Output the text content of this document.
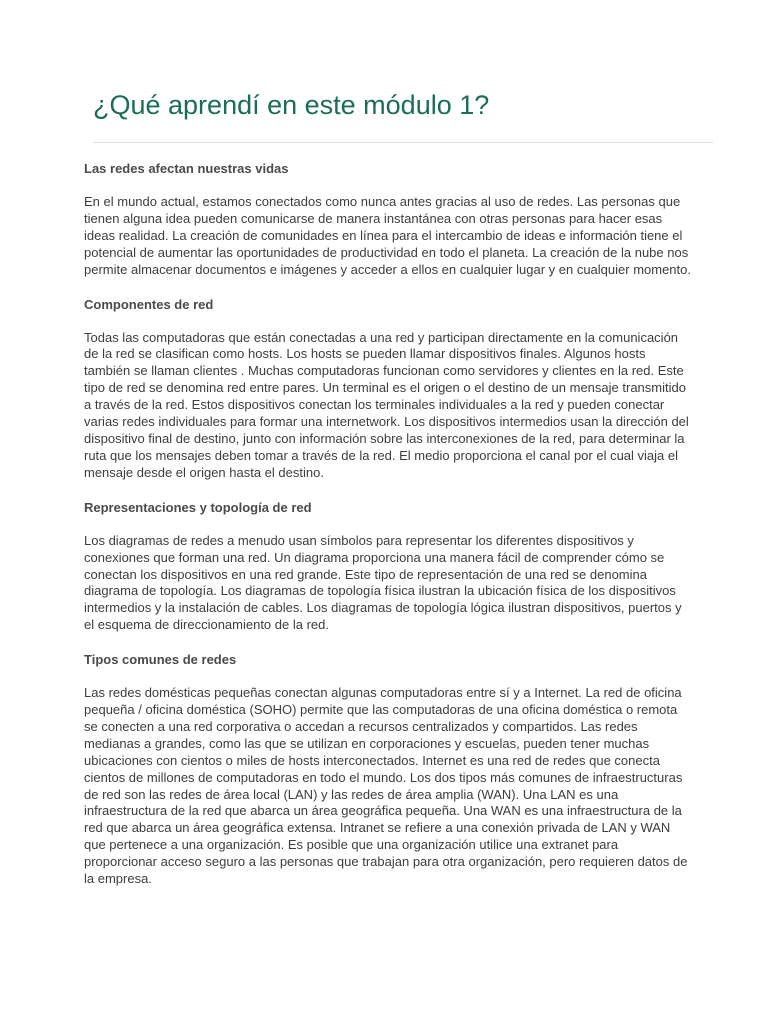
¿Qué aprendí en este módulo 1?
Las redes afectan nuestras vidas

En el mundo actual, estamos conectados como nunca antes gracias al uso de redes. Las personas que tienen alguna idea pueden comunicarse de manera instantánea con otras personas para hacer esas ideas realidad. La creación de comunidades en línea para el intercambio de ideas e información tiene el potencial de aumentar las oportunidades de productividad en todo el planeta. La creación de la nube nos permite almacenar documentos e imágenes y acceder a ellos en cualquier lugar y en cualquier momento.

Componentes de red

Todas las computadoras que están conectadas a una red y participan directamente en la comunicación de la red se clasifican como hosts. Los hosts se pueden llamar dispositivos finales. Algunos hosts también se llaman clientes . Muchas computadoras funcionan como servidores y clientes en la red. Este tipo de red se denomina red entre pares. Un terminal es el origen o el destino de un mensaje transmitido a través de la red. Estos dispositivos conectan los terminales individuales a la red y pueden conectar varias redes individuales para formar una internetwork. Los dispositivos intermedios usan la dirección del dispositivo final de destino, junto con información sobre las interconexiones de la red, para determinar la ruta que los mensajes deben tomar a través de la red. El medio proporciona el canal por el cual viaja el mensaje desde el origen hasta el destino.

Representaciones y topología de red

Los diagramas de redes a menudo usan símbolos para representar los diferentes dispositivos y conexiones que forman una red. Un diagrama proporciona una manera fácil de comprender cómo se conectan los dispositivos en una red grande. Este tipo de representación de una red se denomina diagrama de topología. Los diagramas de topología física ilustran la ubicación física de los dispositivos intermedios y la instalación de cables. Los diagramas de topología lógica ilustran dispositivos, puertos y el esquema de direccionamiento de la red.

Tipos comunes de redes

Las redes domésticas pequeñas conectan algunas computadoras entre sí y a Internet. La red de oficina pequeña / oficina doméstica (SOHO) permite que las computadoras de una oficina doméstica o remota se conecten a una red corporativa o accedan a recursos centralizados y compartidos. Las redes medianas a grandes, como las que se utilizan en corporaciones y escuelas, pueden tener muchas ubicaciones con cientos o miles de hosts interconectados. Internet es una red de redes que conecta cientos de millones de computadoras en todo el mundo. Los dos tipos más comunes de infraestructuras de red son las redes de área local (LAN) y las redes de área amplia (WAN). Una LAN es una infraestructura de la red que abarca un área geográfica pequeña. Una WAN es una infraestructura de la red que abarca un área geográfica extensa. Intranet se refiere a una conexión privada de LAN y WAN que pertenece a una organización. Es posible que una organización utilice una extranet para proporcionar acceso seguro a las personas que trabajan para otra organización, pero requieren datos de la empresa.
